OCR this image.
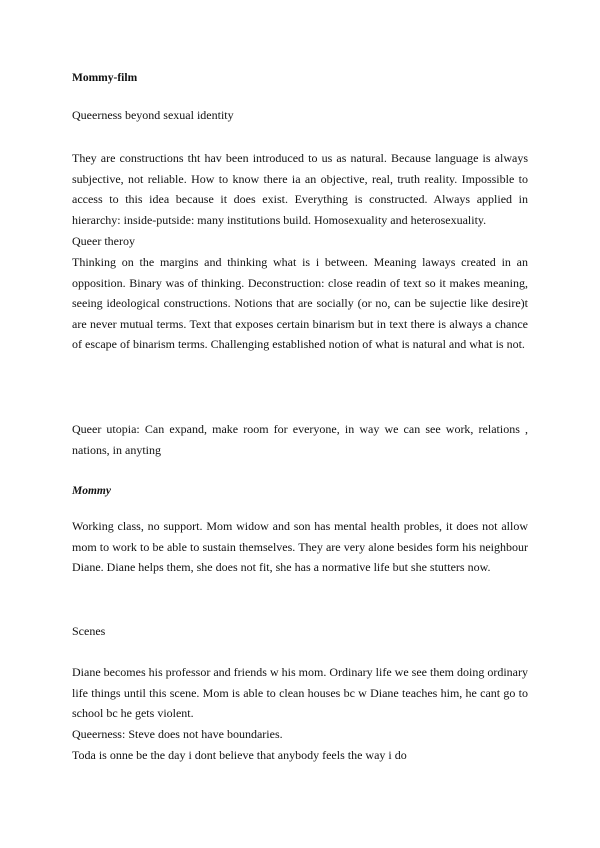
Mommy-film

Queerness beyond sexual identity

They are constructions tht hav been introduced to us as natural. Because language is always subjective, not reliable. How to know there ia an objective, real, truth reality. Impossible to access to this idea because it does exist. Everything is constructed. Always applied in hierarchy: inside-putside: many institutions build. Homosexuality and heterosexuality.

Queer theroy

Thinking on the margins and thinking what is i between. Meaning laways created in an opposition. Binary was of thinking. Deconstruction: close readin of text so it makes meaning, seeing ideological constructions. Notions that are socially (or no, can be sujectie like desire)t are never mutual terms. Text that exposes certain binarism but in text there is always a chance of escape of binarism terms. Challenging established notion of what is natural and what is not.

Queer utopia: Can expand, make room for everyone, in way we can see work, relations , nations, in anyting

Mommy

Working class, no support. Mom widow and son has mental health probles, it does not allow mom to work to be able to sustain themselves. They are very alone besides form his neighbour Diane. Diane helps them, she does not fit, she has a normative life but she stutters now.

Scenes

Diane becomes his professor and friends w his mom. Ordinary life we see them doing ordinary life things until this scene. Mom is able to clean houses bc w Diane teaches him, he cant go to school bc he gets violent.

Queerness: Steve does not have boundaries.

Toda is onne be the day i dont believe that anybody feels the way i do
